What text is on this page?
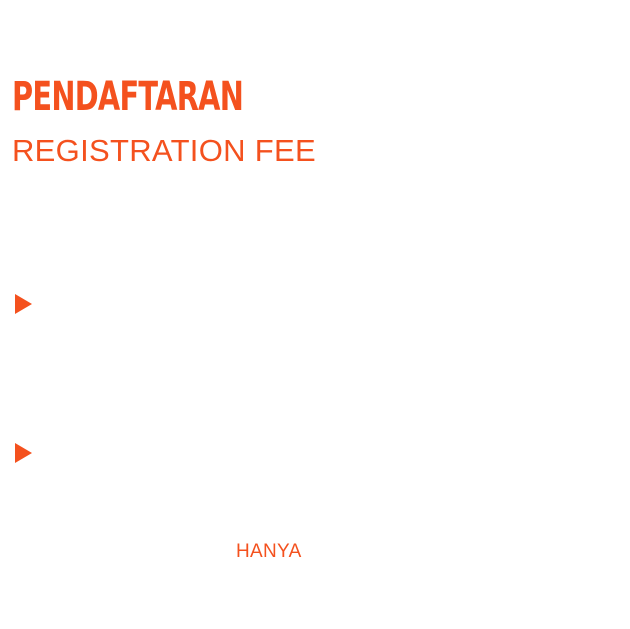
PENDAFTARAN
REGISTRATION FEE
HANYA
